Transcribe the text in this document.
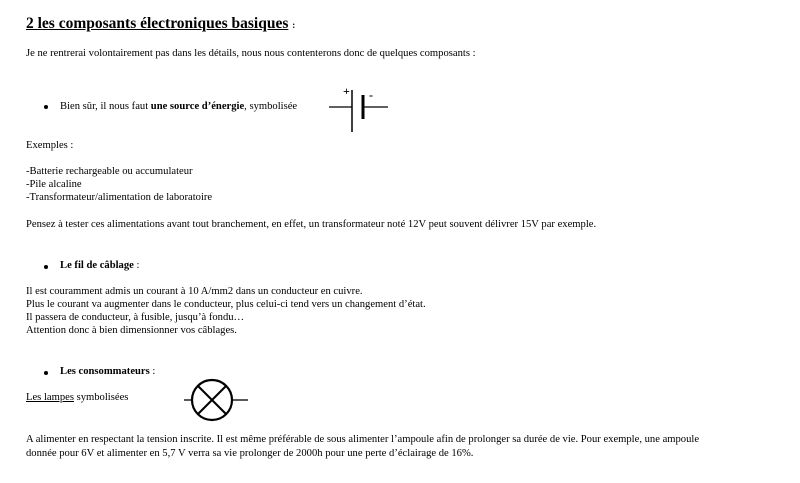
2 les composants électroniques basiques :
Je ne rentrerai volontairement pas dans les détails, nous nous contenterons donc de quelques composants :
Bien sûr, il nous faut une source d’énergie, symbolisée
+ -
Exemples :
-Batterie rechargeable ou accumulateur
-Pile alcaline
-Transformateur/alimentation de laboratoire
Pensez à tester ces alimentations avant tout branchement, en effet, un transformateur noté 12V peut souvent délivrer 15V par exemple.
Le fil de câblage :
Il est couramment admis un courant à 10 A/mm2 dans un conducteur en cuivre.
Plus le courant va augmenter dans le conducteur, plus celui-ci tend vers un changement d’état.
Il passera de conducteur, à fusible, jusqu’à fondu…
Attention donc à bien dimensionner vos câblages.
Les consommateurs :
Les lampes symbolisées
A alimenter en respectant la tension inscrite. Il est même préférable de sous alimenter l’ampoule afin de prolonger sa durée de vie. Pour exemple, une ampoule
donnée pour 6V et alimenter en 5,7 V verra sa vie prolonger de 2000h pour une perte d’éclairage de 16%.
